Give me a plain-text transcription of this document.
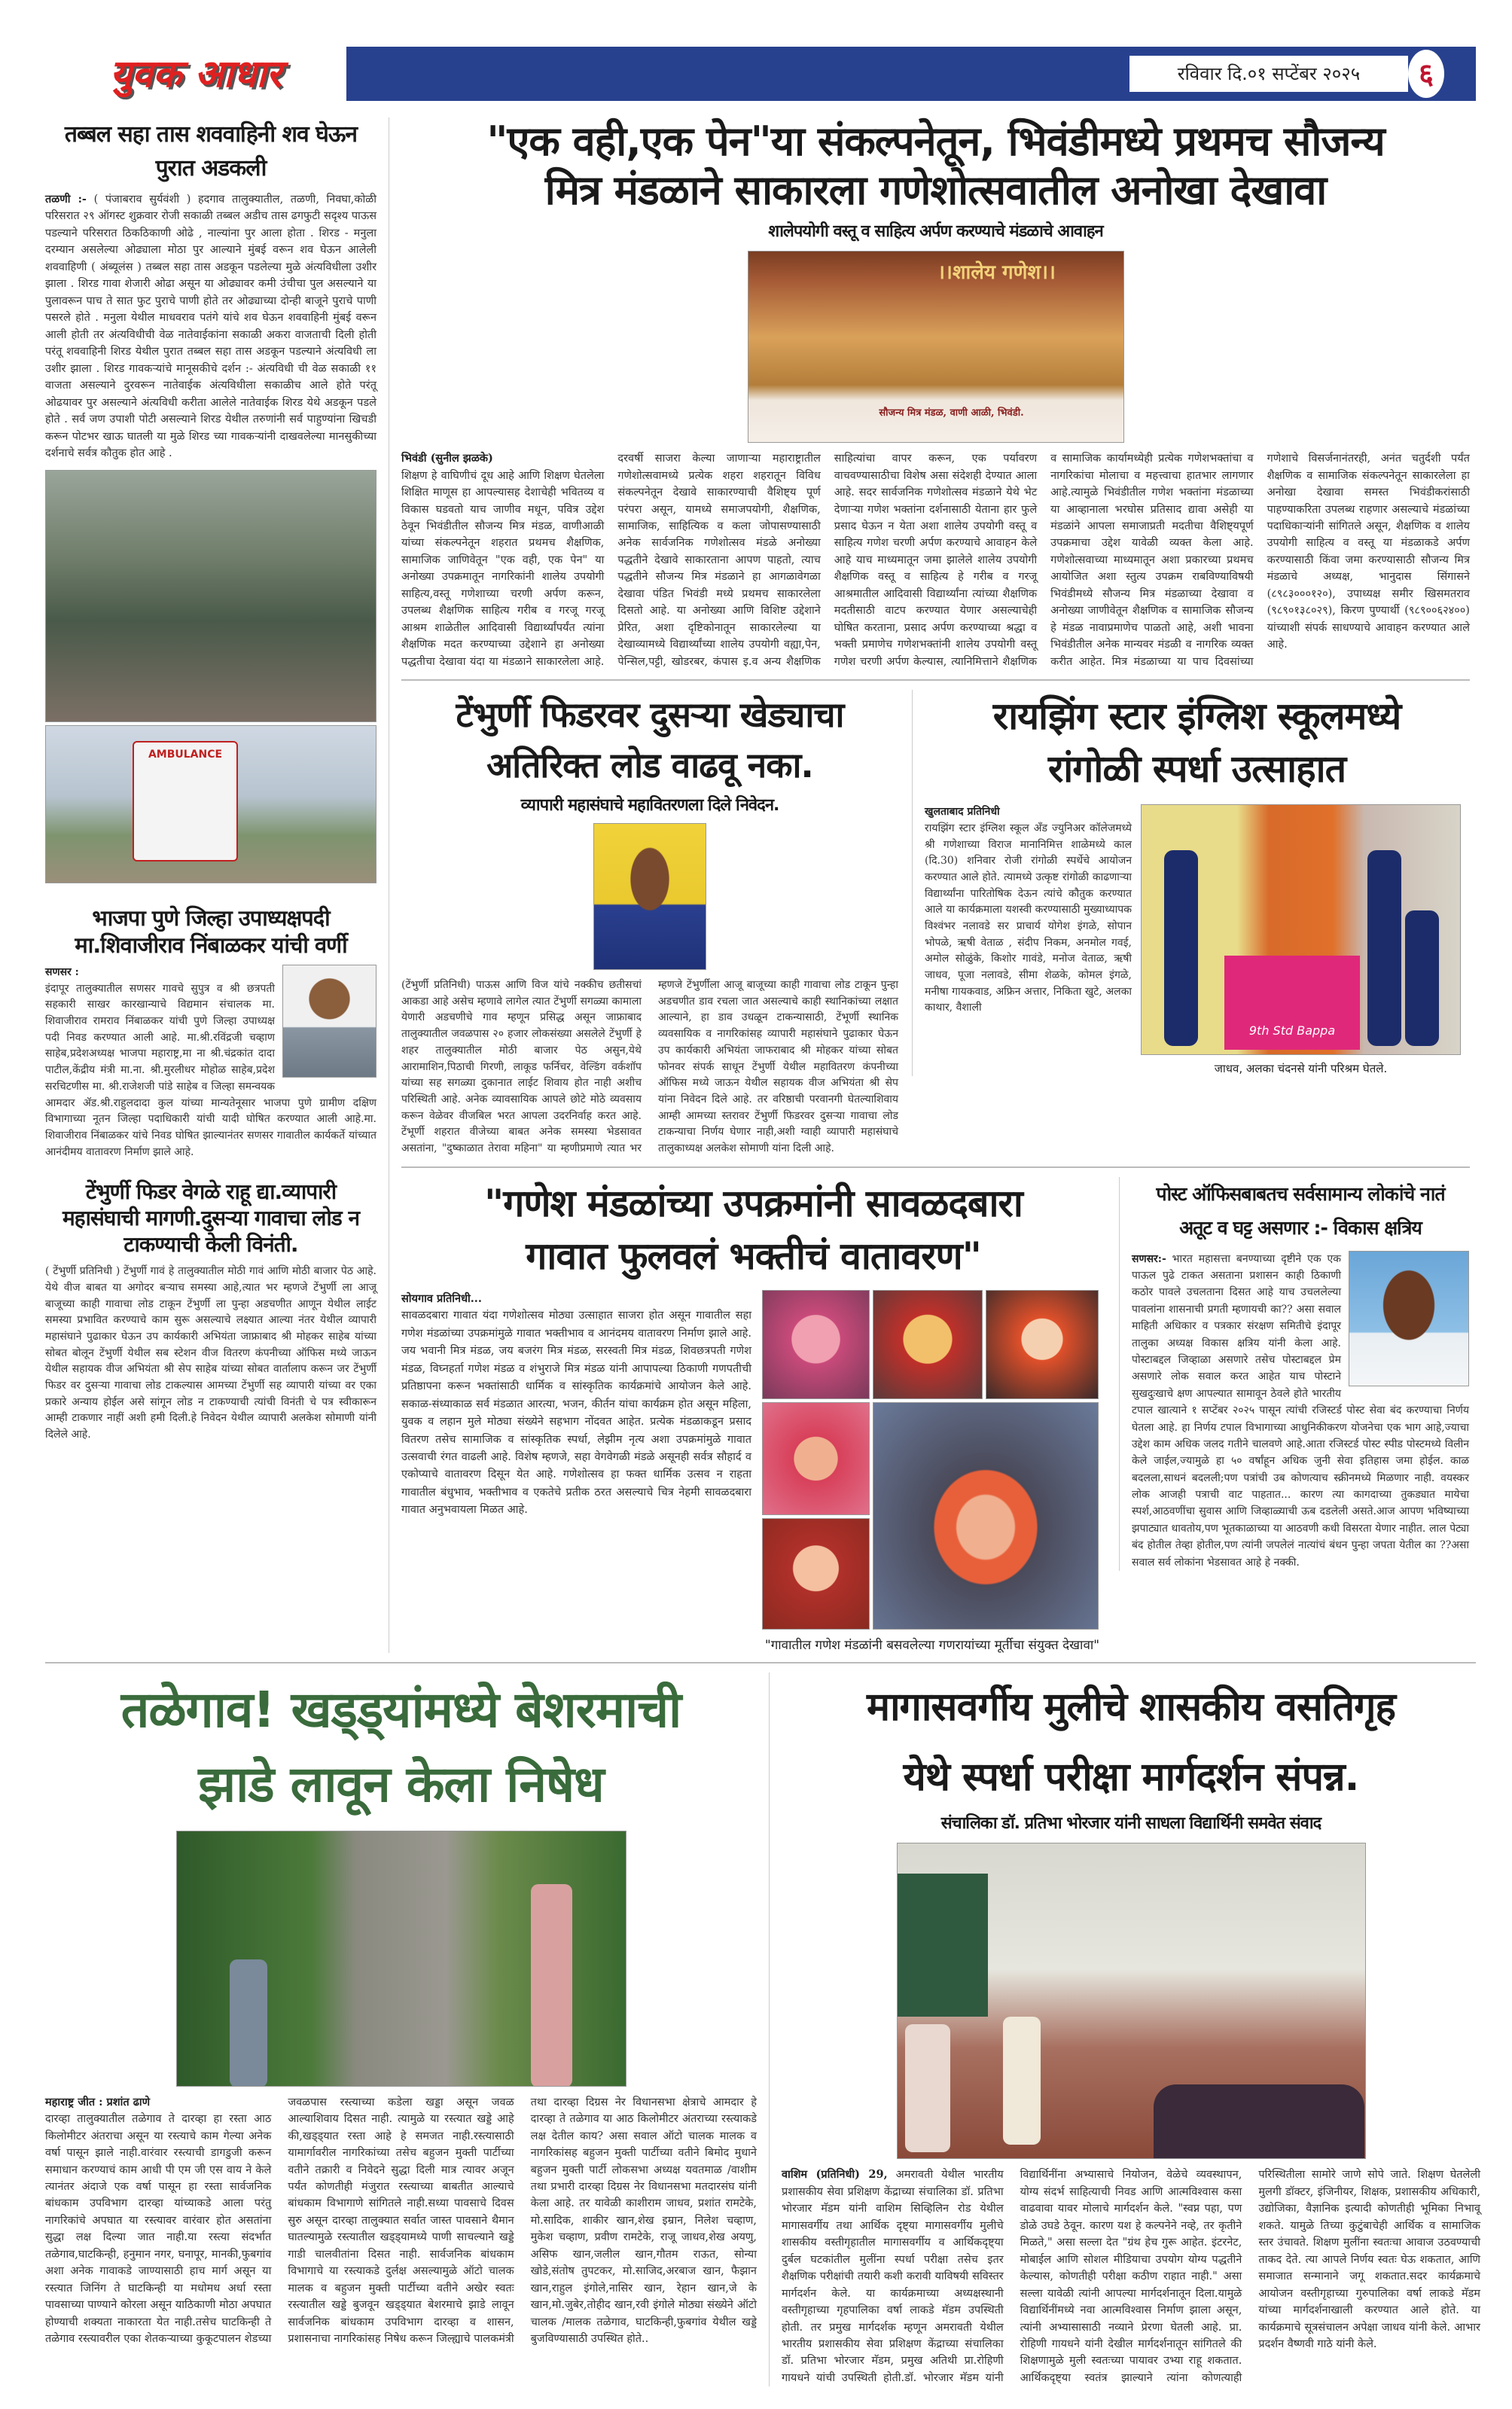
युवक आधार	रविवार दि.०१ सप्टेंबर २०२५	६
तब्बल सहा तास शववाहिनी शव घेऊन पुरात अडकली
तळणी :- ( पंजाबराव सुर्यवंशी ) हदगाव तालुक्यातील, तळणी, निवघा,कोळी परिसरात २९ ऑगस्ट शुक्रवार रोजी सकाळी तब्बल अडीच तास ढगफुटी सदृश्य पाऊस पडल्याने परिसरात ठिकठिकाणी ओढे , नाल्यांना पुर आला होता . शिरड - मनुला दरम्यान असलेल्या ओढ्याला मोठा पुर आल्याने मुंबई वरून शव घेऊन आलेली शववाहिणी ( अंब्यूलंस ) तब्बल सहा तास अडकून पडलेल्या मुळे अंत्यविधीला उशीर झाला . शिरड गावा शेजारी ओढा असून या ओढ्यावर कमी उंचीचा पुल असल्याने या पुलावरून पाच ते सात फुट पुराचे पाणी होते तर ओढ्याच्या दोन्ही बाजूने पुराचे पाणी पसरले होते . मनुला येथील माधवराव पतंगे यांचे शव घेऊन शववाहिनी मुंबई वरून आली होती तर अंत्यविधीची वेळ नातेवाईकांना सकाळी अकरा वाजताची दिली होती परंतू शववाहिनी शिरड येथील पुरात तब्बल सहा तास अडकून पडल्याने अंत्यविधी ला उशीर झाला . शिरड गावकऱ्यांचे मानूसकीचे दर्शन :- अंत्यविधी ची वेळ सकाळी ११ वाजता असल्याने दुरवरून नातेवाईक अंत्यविधीला सकाळीच आले होते परंतू ओढयावर पुर असल्याने अंत्यविधी करीता आलेले नातेवाईक शिरड येथे अडकून पडले होते . सर्व जण उपाशी पोटी असल्याने शिरड येथील तरुणांनी सर्व पाहुण्यांना खिचडी करून पोटभर खाऊ घातली या मुळे शिरड च्या गावकऱ्यांनी दाखवलेल्या मानसुकीच्या दर्शनाचे सर्वत्र कौतुक होत आहे .
AMBULANCE
भाजपा पुणे जिल्हा उपाध्यक्षपदी
मा.शिवाजीराव निंबाळकर यांची वर्णी
सणसर :
इंदापूर तालुक्यातील सणसर गावचे सुपुत्र व श्री छत्रपती सहकारी साखर कारखान्याचे विद्यमान संचालक मा. शिवाजीराव रामराव निंबाळकर यांची पुणे जिल्हा उपाध्यक्ष पदी निवड करण्यात आली आहे. मा.श्री.रविंद्रजी चव्हाण साहेब,प्रदेशअध्यक्ष भाजपा महाराष्ट्र,मा ना श्री.चंद्रकांत दादा पाटील,केंद्रीय मंत्री मा.ना. श्री.मुरलीधर मोहोळ साहेब,प्रदेश सरचिटणीस मा. श्री.राजेशजी पांडे साहेब व जिल्हा समन्वयक आमदार ॲड.श्री.राहुलदादा कुल यांच्या मान्यतेनूसार भाजपा पुणे ग्रामीण दक्षिण विभागाच्या नूतन जिल्हा पदाधिकारी यांची यादी घोषित करण्यात आली आहे.मा. शिवाजीराव निंबाळकर यांचे निवड घोषित झाल्यानंतर सणसर गावातील कार्यकर्ते यांच्यात आनंदीमय वातावरण निर्माण झाले आहे.
टेंभुर्णी फिडर वेगळे राहू द्या.व्यापारी महासंघाची मागणी.दुसऱ्या गावाचा लोड न टाकण्याची केली विनंती.
( टेंभुर्णी प्रतिनिधी ) टेंभुर्णी गावं हे तालुक्यातील मोठी गावं आणि मोठी बाजार पेठ आहे. येथे वीज बाबत या अगोदर बऱ्याच समस्या आहे,त्यात भर म्हणजे टेंभुर्णी ला आजू बाजूच्या काही गावाचा लोड टाकून टेंभुर्णी ला पुन्हा अडचणीत आणून येथील लाईट समस्या प्रभावित करण्याचे काम सुरू असल्याचे लक्ष्यात आल्या नंतर येथील व्यापारी महासंघाने पुढाकार घेऊन उप कार्यकारी अभियंता जाफ्राबाद श्री मोहकर साहेब यांच्या सोबत बोलून टेंभुर्णी येथील सब स्टेशन वीज वितरण कंपनीच्या ऑफिस मध्ये जाऊन येथील सहायक वीज अभियंता श्री सेप साहेब यांच्या सोबत वार्तालाप करून जर टेंभुर्णी फिडर वर दुसऱ्या गावाचा लोड टाकल्यास आमच्या टेंभुर्णी सह व्यापारी यांच्या वर एका प्रकारे अन्याय होईल असे सांगून लोड न टाकण्याची त्यांची विनंती चे पत्र स्वीकारून आम्ही टाकणार नाहीं अशी हमी दिली.हे निवेदन येथील व्यापारी अलकेश सोमाणी यांनी दिलेले आहे.
"एक वही,एक पेन"या संकल्पनेतून, भिवंडीमध्ये प्रथमच सौजन्य
मित्र मंडळाने साकारला गणेशोत्सवातील अनोखा देखावा
शालेपयोगी वस्तू व साहित्य अर्पण करण्याचे मंडळाचे आवाहन
।।शालेय गणेश।।
सौजन्य मित्र मंडळ, वाणी आळी, भिवंडी.
भिवंडी (सुनील झळके)
शिक्षण हे वाघिणीचं दूध आहे आणि शिक्षण घेतलेला शिक्षित माणूस हा आपल्यासह देशाचेही भवितव्य व विकास घडवतो याच जाणीव मधून, पवित्र उद्देश ठेवून भिवंडीतील सौजन्य मित्र मंडळ, वाणीआळी यांच्या संकल्पनेतून शहरात प्रथमच शैक्षणिक, सामाजिक जाणिवेतून "एक वही, एक पेन" या अनोख्या उपक्रमातून नागरिकांनी शालेय उपयोगी साहित्य,वस्तू गणेशाच्या चरणी अर्पण करून, उपलब्ध शैक्षणिक साहित्य गरीब व गरजू गरजू आश्रम शाळेतील आदिवासी विद्यार्थ्यांपर्यंत त्यांना शैक्षणिक मदत करण्याच्या उद्देशाने हा अनोख्या पद्धतीचा देखावा यंदा या मंडळाने साकारलेला आहे. दरवर्षी साजरा केल्या जाणाऱ्या महाराष्ट्रातील गणेशोत्सवामध्ये प्रत्येक शहरा शहरातून विविध संकल्पनेतून देखावे साकारण्याची वैशिष्ट्य पूर्ण परंपरा असून, यामध्ये समाजपयोगी, शैक्षणिक, सामाजिक, साहित्यिक व कला जोपासण्यासाठी अनेक सार्वजनिक गणेशोत्सव मंडळे अनोख्या पद्धतीने देखावे साकारताना आपण पाहतो, त्याच पद्धतीने सौजन्य मित्र मंडळाने हा आगळावेगळा देखावा पंडित भिवंडी मध्ये प्रथमच साकारलेला दिसतो आहे. या अनोख्या आणि विशिष्ट उद्देशाने प्रेरित, अशा दृष्टिकोनातून साकारलेल्या या देखाव्यामध्ये विद्यार्थ्यांच्या शालेय उपयोगी वह्या,पेन, पेन्सिल,पट्टी, खोडरबर, कंपास इ.व अन्य शैक्षणिक साहित्यांचा वापर करून, एक पर्यावरण वाचवण्यासाठीचा विशेष असा संदेशही देण्यात आला आहे. सदर सार्वजनिक गणेशोत्सव मंडळाने येथे भेट देणाऱ्या गणेश भक्तांना दर्शनासाठी येताना हार फुले प्रसाद घेऊन न येता अशा शालेय उपयोगी वस्तू व साहित्य गणेश चरणी अर्पण करण्याचे आवाहन केले आहे याच माध्यमातून जमा झालेले शालेय उपयोगी शैक्षणिक वस्तू व साहित्य हे गरीब व गरजू आश्रमातील आदिवासी विद्यार्थ्यांना त्यांच्या शैक्षणिक मदतीसाठी वाटप करण्यात येणार असल्याचेही घोषित करताना, प्रसाद अर्पण करण्याच्या श्रद्धा व भक्ती प्रमाणेच गणेशभक्तांनी शालेय उपयोगी वस्तू गणेश चरणी अर्पण केल्यास, त्यानिमित्ताने शैक्षणिक व सामाजिक कार्यामध्येही प्रत्येक गणेशभक्तांचा व नागरिकांचा मोलाचा व महत्त्वाचा हातभार लागणार आहे.त्यामुळे भिवंडीतील गणेश भक्तांना मंडळाच्या या आव्हानाला भरघोस प्रतिसाद द्यावा असेही या मंडळांने आपला समाजाप्रती मदतीचा वैशिष्ट्यपूर्ण उपक्रमाचा उद्देश यावेळी व्यक्त केला आहे. गणेशोत्सवाच्या माध्यमातून अशा प्रकारच्या प्रथमच आयोजित अशा स्तुत्य उपक्रम राबविण्याविषयी भिवंडीमध्ये सौजन्य मित्र मंडळाच्या देखावा व अनोख्या जाणीवेतून शैक्षणिक व सामाजिक सौजन्य हे मंडळ नावाप्रमाणेच पाळतो आहे, अशी भावना भिवंडीतील अनेक मान्यवर मंडळी व नागरिक व्यक्त करीत आहेत. मित्र मंडळाच्या या पाच दिवसांच्या गणेशाचे विसर्जनानंतरही, अनंत चतुर्दशी पर्यंत शैक्षणिक व सामाजिक संकल्पनेतून साकारलेला हा अनोखा देखावा समस्त भिवंडीकरांसाठी पाहण्याकरिता उपलब्ध राहणार असल्याचे मंडळांच्या पदाधिकाऱ्यांनी सांगितले असून, शैक्षणिक व शालेय उपयोगी साहित्य व वस्तू या मंडळाकडे अर्पण करण्यासाठी किंवा जमा करण्यासाठी सौजन्य मित्र मंडळाचे अध्यक्ष, भानुदास सिंगासने (८९८३०००१२०), उपाध्यक्ष समीर खिसमतराव (९८९०१३८०२९), किरण पुण्यार्थी (९८९००६२४००) यांच्याशी संपर्क साधण्याचे आवाहन करण्यात आले आहे.
टेंभुर्णी फिडरवर दुसऱ्या खेड्याचा
अतिरिक्त लोड वाढवू नका.
व्यापारी महासंघाचे महावितरणला दिले निवेदन.
(टेंभुर्णी प्रतिनिधी) पाऊस आणि विज यांचे नक्कीच छतीसचां आकडा आहे असेच म्हणावे लागेल त्यात टेंभुर्णी सगळ्या कामाला येणारी अडचणीचे गाव म्हणून प्रसिद्ध असून जाफ्राबाद तालुक्यातील जवळपास २० हजार लोकसंख्या असलेले टेंभुर्णी हे शहर तालुक्यातील मोठी बाजार पेठ असुन,येथे आरामाशिन,पिठाची गिरणी, लाकूड फर्निचर, वेल्डिंग वर्कशॉप यांच्या सह सगळ्या दुकानात लाईट शिवाय होत नाही अशीच परिस्थिती आहे. अनेक व्यावसायिक आपले छोटे मोठे व्यवसाय करून वेळेवर वीजबिल भरत आपला उदरनिर्वाह करत आहे. टेंभूर्णी शहरात वीजेच्या बाबत अनेक समस्या भेडसावत असतांना, "दुष्काळात तेरावा महिना" या म्हणीप्रमाणे त्यात भर म्हणजे टेंभुर्णीला आजू बाजूच्या काही गावाचा लोड टाकून पुन्हा अडचणीत डाव रचला जात असल्याचे काही स्थानिकांच्या लक्षात आल्याने, हा डाव उधळून टाकन्यासाठी, टेंभूर्णी स्थानिक व्यवसायिक व नागरिकांसह व्यापारी महासंघाने पुढाकार घेऊन उप कार्यकारी अभियंता जाफराबाद श्री मोहकर यांच्या सोबत फोनवर संपर्क साधून टेंभुर्णी येथील महावितरण कंपनीच्या ऑफिस मध्ये जाऊन येथील सहायक वीज अभियंता श्री सेप यांना निवेदन दिले आहे. तर वरिष्ठाची परवानगी घेतल्याशिवाय आम्ही आमच्या स्तरावर टेंभुर्णी फिडरवर दुसऱ्या गावाचा लोड टाकन्याचा निर्णय घेणार नाही,अशी ग्वाही व्यापारी महासंघाचे तालुकाध्यक्ष अलकेश सोमाणी यांना दिली आहे.
रायझिंग स्टार इंग्लिश स्कूलमध्ये
रांगोळी स्पर्धा उत्साहात
खुलताबाद प्रतिनिधी
रायझिंग स्टार इंग्लिश स्कूल अँड ज्युनिअर कॉलेजमध्ये श्री गणेशाच्या विराज मानानिमित्त शाळेमध्ये काल (दि.30) शनिवार रोजी रांगोळी स्पर्धेचे आयोजन करण्यात आले होते. त्यामध्ये उत्कृष्ट रांगोळी काढणाऱ्या विद्यार्थ्यांना पारितोषिक देऊन त्यांचे कौतुक करण्यात आले या कार्यक्रमाला यशस्वी करण्यासाठी मुख्याध्यापक विश्वंभर नलावडे सर प्राचार्य योगेश इंगळे, सोपान भोपळे, ऋषी वेताळ , संदीप निकम, अनमोल गवई, अमोल सोळुंके, किशोर गावंडे, मनोज वेताळ, ऋषी जाधव, पूजा नलावडे, सीमा शेळके, कोमल इंगळे, मनीषा गायकवाड, अफ्रिन अत्तार, निकिता खुटे, अलका काथार, वैशाली
9th Std Bappa
जाधव, अलका चंदनसे यांनी परिश्रम घेतले.
"गणेश मंडळांच्या उपक्रमांनी सावळदबारा
गावात फुलवलं भक्तीचं वातावरण"
सोयगाव प्रतिनिधी...
सावळदबारा गावात यंदा गणेशोत्सव मोठ्या उत्साहात साजरा होत असून गावातील सहा गणेश मंडळांच्या उपक्रमांमुळे गावात भक्तीभाव व आनंदमय वातावरण निर्माण झाले आहे. जय भवानी मित्र मंडळ, जय बजरंग मित्र मंडळ, सरस्वती मित्र मंडळ, शिवछत्रपती गणेश मंडळ, विघ्नहर्ता गणेश मंडळ व शंभुराजे मित्र मंडळ यांनी आपापल्या ठिकाणी गणपतीची प्रतिष्ठापना करून भक्तांसाठी धार्मिक व सांस्कृतिक कार्यक्रमांचे आयोजन केले आहे. सकाळ-संध्याकाळ सर्व मंडळात आरत्या, भजन, कीर्तन यांचा कार्यक्रम होत असून महिला, युवक व लहान मुले मोठ्या संख्येने सहभाग नोंदवत आहेत. प्रत्येक मंडळाकडून प्रसाद वितरण तसेच सामाजिक व सांस्कृतिक स्पर्धा, लेझीम नृत्य अशा उपक्रमांमुळे गावात उत्सवाची रंगत वाढली आहे. विशेष म्हणजे, सहा वेगवेगळी मंडळे असूनही सर्वत्र सौहार्द व एकोप्याचे वातावरण दिसून येत आहे. गणेशोत्सव हा फक्त धार्मिक उत्सव न राहता गावातील बंधुभाव, भक्तीभाव व एकतेचे प्रतीक ठरत असल्याचे चित्र नेहमी सावळदबारा गावात अनुभवायला मिळत आहे.
"गावातील गणेश मंडळांनी बसवलेल्या गणरायांच्या मूर्तीचा संयुक्त देखावा"
पोस्ट ऑफिसबाबतच सर्वसामान्य लोकांचे नातं
अतूट व घट्ट असणार :- विकास क्षत्रिय
सणसर:- भारत महासत्ता बनण्याच्या दृष्टीने एक एक पाऊल पुढे टाकत असताना प्रशासन काही ठिकाणी कठोर पावले उचलताना दिसत आहे याच उचललेल्या पावलांना शासनाची प्रगती म्हणायची का?? असा सवाल माहिती अधिकार व पत्रकार संरक्षण समितीचे इंदापूर तालुका अध्यक्ष विकास क्षत्रिय यांनी केला आहे. पोस्टाबद्दल जिव्हाळा असणारे तसेच पोस्टाबद्दल प्रेम असणारे लोक सवाल करत आहेत याच पोस्टाने सुखदुःखाचे क्षण आपल्यात सामावून ठेवले होते भारतीय टपाल खात्याने १ सप्टेंबर २०२५ पासून त्यांची रजिस्टर्ड पोस्ट सेवा बंद करण्याचा निर्णय घेतला आहे. हा निर्णय टपाल विभागाच्या आधुनिकीकरण योजनेचा एक भाग आहे,ज्याचा उद्देश काम अधिक जलद गतीने चालवणे आहे.आता रजिस्टर्ड पोस्ट स्पीड पोस्टमध्ये विलीन केले जाईल,ज्यामुळे हा ५० वर्षांहून अधिक जुनी सेवा इतिहास जमा होईल. काळ बदलला,साधनं बदलली;पण पत्रांची उब कोणत्याच स्क्रीनमध्ये मिळणार नाही. वयस्कर लोक आजही पत्राची वाट पाहतात... कारण त्या कागदाच्या तुकड्यात मायेचा स्पर्श,आठवणींचा सुवास आणि जिव्हाळ्याची ऊब दडलेली असते.आज आपण भविष्याच्या झपाट्यात धावतोय,पण भूतकाळाच्या या आठवणी कधी विसरता येणार नाहीत. लाल पेट्या बंद होतील तेव्हा होतील,पण त्यांनी जपलेलं नात्यांचं बंधन पुन्हा जपता येतील का ??असा सवाल सर्व लोकांना भेडसावत आहे हे नक्की.
तळेगाव! खड्ड्यांमध्ये बेशरमाची
झाडे लावून केला निषेध
महाराष्ट्र जीत : प्रशांत ढाणे
दारव्हा तालुक्यातील तळेगाव ते दारव्हा हा रस्ता आठ किलोमीटर अंतराचा असून या रस्त्याचे काम गेल्या अनेक वर्षा पासून झाले नाही.वारंवार रस्त्याची डागडुजी करून समाधान करण्याचं काम आधी पी एम जी एस वाय ने केले त्यानंतर अंदाजे एक वर्षा पासून हा रस्ता सार्वजनिक बांधकाम उपविभाग दारव्हा यांच्याकडे आला परंतु नागरिकांचे अपघात या रस्त्यावर वारंवार होत असतांना सुद्धा लक्ष दिल्या जात नाही.या रस्त्या संदर्भात तळेगाव,घाटकिन्ही, हनुमान नगर, घनापूर, मानकी,फुबगांव अशा अनेक गावाकडे जाण्यासाठी हाच मार्ग असून या रस्त्यात जिनिंग ते घाटकिन्ही या मधोमध अर्धा रस्ता पावसाच्या पाण्याने कोरला असून याठिकाणी मोठा अपघात होण्याची शक्यता नाकारता येत नाही.तसेच घाटकिन्ही ते तळेगाव रस्त्यावरील एका शेतकऱ्याच्या कुकूटपालन शेडच्या जवळपास रस्त्याच्या कडेला खड्डा असून जवळ आल्याशिवाय दिसत नाही. त्यामुळे या रस्त्यात खड्डे आहे की,खड्ड्यात रस्ता आहे हे समजत नाही.रस्त्यासाठी यामार्गावरील नागरिकांच्या तसेच बहुजन मुक्ती पार्टीच्या वतीने तक्रारी व निवेदने सुद्धा दिली मात्र त्यावर अजून पर्यंत कोणतीही मंजुरात रस्त्याच्या बाबतीत आल्याचे बांधकाम विभागाणे सांगितले नाही.सध्या पावसाचे दिवस सुरु असून दारव्हा तालुक्यात सर्वात जास्त पावसाने थैमान घातल्यामुळे रस्त्यातील खड्ड्यामध्ये पाणी साचल्याने खड्डे गाडी चालवीतांना दिसत नाही. सार्वजनिक बांधकाम विभागाचे या रस्त्याकडे दुर्लक्ष असल्यामुळे ऑटो चालक मालक व बहुजन मुक्ती पार्टीच्या वतीने अखेर स्वतः रस्त्यातील खड्डे बुजवून खड्ड्यात बेशरमाचे झाडे लावून सार्वजनिक बांधकाम उपविभाग दारव्हा व शासन, प्रशासनाचा नागरिकांसह निषेध करून जिल्ह्याचे पालकमंत्री तथा दारव्हा दिग्रस नेर विधानसभा क्षेत्राचे आमदार हे दारव्हा ते तळेगाव या आठ किलोमीटर अंतराच्या रस्त्याकडे लक्ष देतील काय? असा सवाल ऑटो चालक मालक व नागरिकांसह बहुजन मुक्ती पार्टीच्या वतीने बिमोद मुधाने बहुजन मुक्ती पार्टी लोकसभा अध्यक्ष यवतमाळ /वाशीम तथा प्रभारी दारव्हा दिग्रस नेर विधानसभा मतदारसंघ यांनी केला आहे. तर यावेळी काशीराम जाधव, प्रशांत रामटेके, मो.सादिक, शाकीर खान,शेख इम्रान, निलेश चव्हाण, मुकेश चव्हाण, प्रवीण रामटेके, राजू जाधव,शेख अयणु, असिफ खान,जलील खान,गौतम राऊत, सोन्या खोडे,संतोष तुपटकर, मो.साजिद,अरबाज खान, फैझान खान,राहुल इंगोले,नासिर खान, रेहान खान,जे के खान,मो.जुबेर,तोहीद खान,रवी इंगोले मोठ्या संख्येने ऑटो चालक /मालक तळेगाव, घाटकिन्ही,फुबगांव येथील खड्डे बुजविण्यासाठी उपस्थित होते..
मागासवर्गीय मुलीचे शासकीय वसतिगृह
येथे स्पर्धा परीक्षा मार्गदर्शन संपन्न.
संचालिका डॉ. प्रतिभा भोरजार यांनी साधला विद्यार्थिनी समवेत संवाद
वाशिम (प्रतिनिधी) 29, अमरावती येथील भारतीय प्रशासकीय सेवा प्रशिक्षण केंद्राच्या संचालिका डॉ. प्रतिभा भोरजार मॅडम यांनी वाशिम सिव्हिलिन रोड येथील मागासवर्गीय तथा आर्थिक दृष्ट्या मागासवर्गीय मुलीचे शासकीय वस्तीगृहातील मागासवर्गीय व आर्थिकदृष्ट्या दुर्बल घटकांतील मुलींना स्पर्धा परीक्षा तसेच इतर शैक्षणिक परीक्षांची तयारी कशी करावी याविषयी सविस्तर मार्गदर्शन केले. या कार्यक्रमाच्या अध्यक्षस्थानी वस्तीगृहाच्या गृहपालिका वर्षा लाकडे मॅडम उपस्थिती होती. तर प्रमुख मार्गदर्शक म्हणून अमरावती येथील भारतीय प्रशासकीय सेवा प्रशिक्षण केंद्राच्या संचालिका डॉ. प्रतिभा भोरजार मॅडम, प्रमुख अतिथी प्रा.रोहिणी गायधने यांची उपस्थिती होती.डॉ. भोरजार मॅडम यांनी विद्यार्थिनींना अभ्यासाचे नियोजन, वेळेचे व्यवस्थापन, योग्य संदर्भ साहित्याची निवड आणि आत्मविश्वास कसा वाढवावा यावर मोलाचे मार्गदर्शन केले. "स्वप्न पहा, पण डोळे उघडे ठेवून. कारण यश हे कल्पनेने नव्हे, तर कृतीने मिळते," असा सल्ला देत "ग्रंथ हेच गुरू आहेत. इंटरनेट, मोबाईल आणि सोशल मीडियाचा उपयोग योग्य पद्धतीने केल्यास, कोणतीही परीक्षा कठीण राहात नाही." असा सल्ला यावेळी त्यांनी आपल्या मार्गदर्शनातून दिला.यामुळे विद्यार्थिनींमध्ये नवा आत्मविश्वास निर्माण झाला असून, त्यांनी अभ्यासासाठी नव्याने प्रेरणा घेतली आहे. प्रा. रोहिणी गायधने यांनी देखील मार्गदर्शनातून सांगितले की शिक्षणामुळे मुली स्वतःच्या पायावर उभ्या राहू शकतात. आर्थिकदृष्ट्या स्वतंत्र झाल्याने त्यांना कोणत्याही परिस्थितीला सामोरे जाणे सोपे जाते. शिक्षण घेतलेली मुलगी डॉक्टर, इंजिनीयर, शिक्षक, प्रशासकीय अधिकारी, उद्योजिका, वैज्ञानिक इत्यादी कोणतीही भूमिका निभावू शकते. यामुळे तिच्या कुटुंबाचेही आर्थिक व सामाजिक स्तर उंचावते. शिक्षण मुलींना स्वतःचा आवाज उठवण्याची ताकद देते. त्या आपले निर्णय स्वतः घेऊ शकतात, आणि समाजात सन्मानाने जगू शकतात.सदर कार्यक्रमाचे आयोजन वस्तीगृहाच्या गुरुपालिका वर्षा लाकडे मॅडम यांच्या मार्गदर्शनाखाली करण्यात आले होते. या कार्यक्रमाचे सूत्रसंचालन अपेक्षा जाधव यांनी केले. आभार प्रदर्शन वैष्णवी गाठे यांनी केले.
